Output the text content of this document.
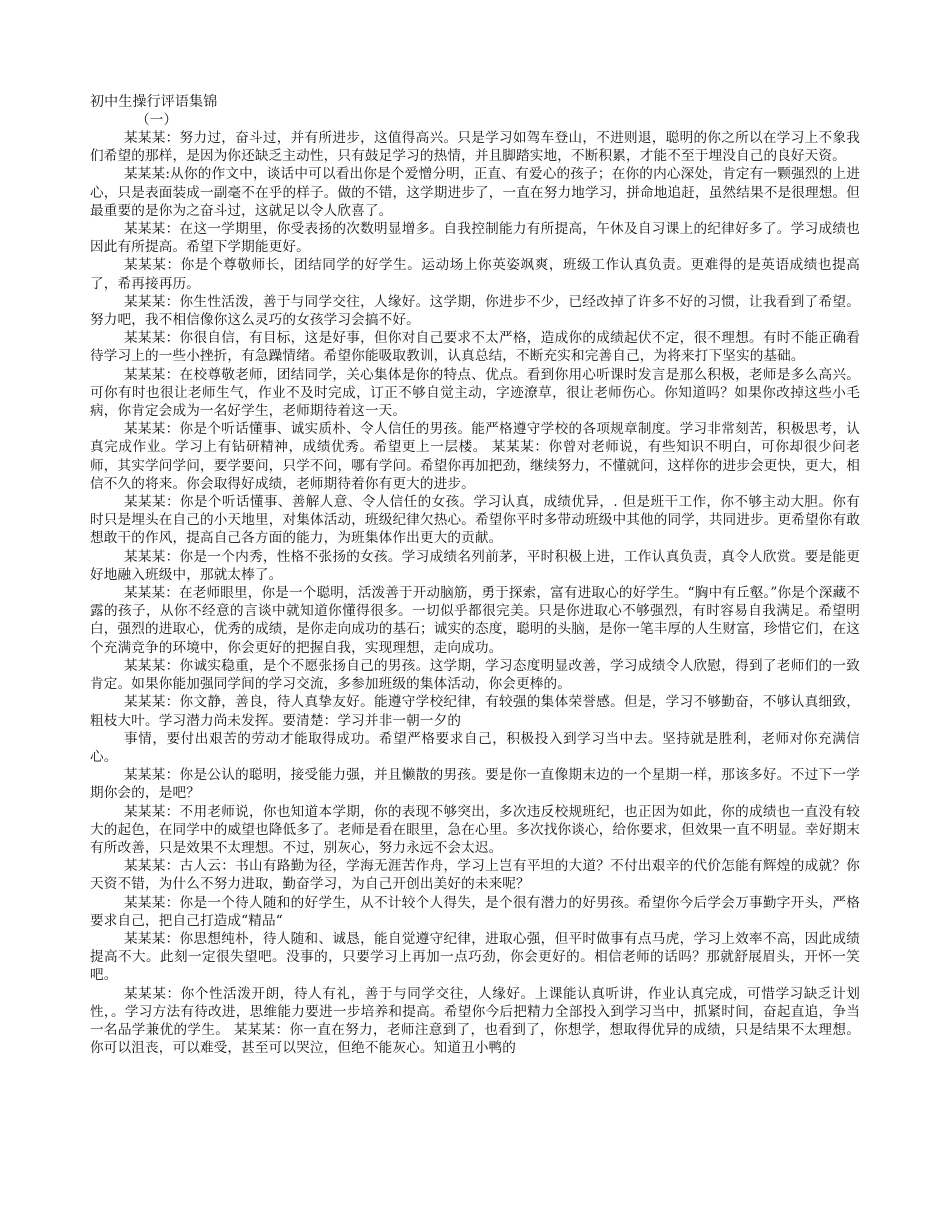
初中生操行评语集锦
（一）

某某某：努力过，奋斗过，并有所进步，这值得高兴。只是学习如驾车登山，不进则退，聪明的你之所以在学习上不象我们希望的那样，是因为你还缺乏主动性，只有鼓足学习的热情，并且脚踏实地，不断积累，才能不至于埋没自己的良好天资。

某某某:从你的作文中，谈话中可以看出你是个爱憎分明，正直、有爱心的孩子；在你的内心深处，肯定有一颗强烈的上进心，只是表面装成一副毫不在乎的样子。做的不错，这学期进步了，一直在努力地学习，拼命地追赶，虽然结果不是很理想。但最重要的是你为之奋斗过，这就足以令人欣喜了。

某某某：在这一学期里，你受表扬的次数明显增多。自我控制能力有所提高，午休及自习课上的纪律好多了。学习成绩也因此有所提高。希望下学期能更好。

某某某：你是个尊敬师长，团结同学的好学生。运动场上你英姿飒爽，班级工作认真负责。更难得的是英语成绩也提高了，希再接再历。

某某某：你生性活泼，善于与同学交往，人缘好。这学期，你进步不少，已经改掉了许多不好的习惯，让我看到了希望。努力吧，我不相信像你这么灵巧的女孩学习会搞不好。

某某某：你很自信，有目标，这是好事，但你对自己要求不太严格，造成你的成绩起伏不定，很不理想。有时不能正确看待学习上的一些小挫折，有急躁情绪。希望你能吸取教训，认真总结，不断充实和完善自己，为将来打下坚实的基础。

某某某：在校尊敬老师，团结同学，关心集体是你的特点、优点。看到你用心听课时发言是那么积极，老师是多么高兴。可你有时也很让老师生气，作业不及时完成，订正不够自觉主动，字迹潦草，很让老师伤心。你知道吗？如果你改掉这些小毛病，你肯定会成为一名好学生，老师期待着这一天。

某某某：你是个听话懂事、诚实质朴、令人信任的男孩。能严格遵守学校的各项规章制度。学习非常刻苦，积极思考，认真完成作业。学习上有钻研精神，成绩优秀。希望更上一层楼。 某某某：你曾对老师说，有些知识不明白，可你却很少问老师，其实学问学问，要学要问，只学不问，哪有学问。希望你再加把劲，继续努力，不懂就问，这样你的进步会更快，更大，相信不久的将来。你会取得好成绩，老师期待着你有更大的进步。

某某某：你是个听话懂事、善解人意、令人信任的女孩。学习认真，成绩优异，. 但是班干工作，你不够主动大胆。你有时只是埋头在自己的小天地里，对集体活动，班级纪律欠热心。希望你平时多带动班级中其他的同学，共同进步。更希望你有敢想敢干的作风，提高自己各方面的能力，为班集体作出更大的贡献。

某某某：你是一个内秀，性格不张扬的女孩。学习成绩名列前茅，平时积极上进，工作认真负责，真令人欣赏。要是能更好地融入班级中，那就太棒了。

某某某：在老师眼里，你是一个聪明，活泼善于开动脑筋，勇于探索，富有进取心的好学生。“胸中有丘壑。”你是个深藏不露的孩子，从你不经意的言谈中就知道你懂得很多。一切似乎都很完美。只是你进取心不够强烈，有时容易自我满足。希望明白，强烈的进取心，优秀的成绩，是你走向成功的基石；诚实的态度，聪明的头脑，是你一笔丰厚的人生财富，珍惜它们，在这个充满竞争的环境中，你会更好的把握自我，实现理想，走向成功。

某某某：你诚实稳重，是个不愿张扬自己的男孩。这学期，学习态度明显改善，学习成绩令人欣慰，得到了老师们的一致肯定。如果你能加强同学间的学习交流，多参加班级的集体活动，你会更棒的。

某某某：你文静，善良，待人真挚友好。能遵守学校纪律，有较强的集体荣誉感。但是，学习不够勤奋，不够认真细致，粗枝大叶。学习潜力尚未发挥。要清楚：学习并非一朝一夕的

事情，要付出艰苦的劳动才能取得成功。希望严格要求自己，积极投入到学习当中去。坚持就是胜利，老师对你充满信心。

某某某：你是公认的聪明，接受能力强，并且懒散的男孩。要是你一直像期末边的一个星期一样，那该多好。不过下一学期你会的，是吧？

某某某：不用老师说，你也知道本学期，你的表现不够突出，多次违反校规班纪，也正因为如此，你的成绩也一直没有较大的起色，在同学中的威望也降低多了。老师是看在眼里，急在心里。多次找你谈心，给你要求，但效果一直不明显。幸好期末有所改善，只是效果不太理想。不过，别灰心，努力永远不会太迟。

某某某：古人云：书山有路勤为径，学海无涯苦作舟，学习上岂有平坦的大道？不付出艰辛的代价怎能有辉煌的成就？你天资不错，为什么不努力进取，勤奋学习，为自己开创出美好的未来呢？

某某某：你是一个待人随和的好学生，从不计较个人得失，是个很有潜力的好男孩。希望你今后学会万事勤字开头，严格要求自己，把自己打造成“精品“

某某某：你思想纯朴，待人随和、诚恳，能自觉遵守纪律，进取心强，但平时做事有点马虎，学习上效率不高，因此成绩提高不大。此刻一定很失望吧。没事的，只要学习上再加一点巧劲，你会更好的。相信老师的话吗？那就舒展眉头，开怀一笑吧。

某某某：你个性活泼开朗，待人有礼，善于与同学交往，人缘好。上课能认真听讲，作业认真完成，可惜学习缺乏计划性，。学习方法有待改进，思维能力要进一步培养和提高。希望你今后把精力全部投入到学习当中，抓紧时间，奋起直追，争当一名品学兼优的学生。 某某某：你一直在努力，老师注意到了，也看到了，你想学，想取得优异的成绩，只是结果不太理想。你可以沮丧，可以难受，甚至可以哭泣，但绝不能灰心。知道丑小鸭的
